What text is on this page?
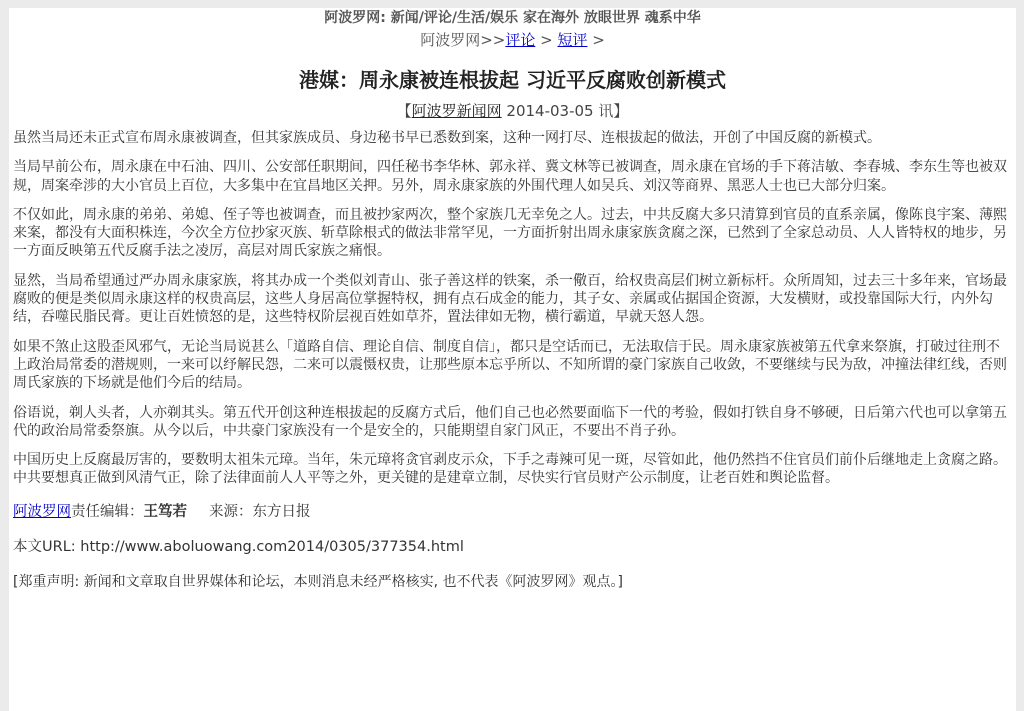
阿波罗网: 新闻/评论/生活/娱乐 家在海外 放眼世界 魂系中华
阿波罗网>>评论 > 短评 >
港媒：周永康被连根拔起 习近平反腐败创新模式
【阿波罗新闻网 2014-03-05 讯】

虽然当局还未正式宣布周永康被调查，但其家族成员、身边秘书早已悉数到案，这种一网打尽、连根拔起的做法，开创了中国反腐的新模式。

当局早前公布，周永康在中石油、四川、公安部任职期间，四任秘书李华林、郭永祥、冀文林等已被调查，周永康在官场的手下蒋洁敏、李春城、李东生等也被双规，周案牵涉的大小官员上百位，大多集中在宜昌地区关押。另外，周永康家族的外围代理人如吴兵、刘汉等商界、黑恶人士也已大部分归案。

不仅如此，周永康的弟弟、弟媳、侄子等也被调查，而且被抄家两次，整个家族几无幸免之人。过去，中共反腐大多只清算到官员的直系亲属，像陈良宇案、薄熙来案，都没有大面积株连，今次全方位抄家灭族、斩草除根式的做法非常罕见，一方面折射出周永康家族贪腐之深，已然到了全家总动员、人人皆特权的地步，另一方面反映第五代反腐手法之凌厉，高层对周氏家族之痛恨。

显然，当局希望通过严办周永康家族，将其办成一个类似刘青山、张子善这样的铁案，杀一儆百，给权贵高层们树立新标杆。众所周知，过去三十多年来，官场最腐败的便是类似周永康这样的权贵高层，这些人身居高位掌握特权，拥有点石成金的能力，其子女、亲属或佔据国企资源，大发横财，或投靠国际大行，内外勾结，吞噬民脂民膏。更让百姓愤怒的是，这些特权阶层视百姓如草芥，置法律如无物，横行霸道，早就天怒人怨。

如果不煞止这股歪风邪气，无论当局说甚么「道路自信、理论自信、制度自信」，都只是空话而已，无法取信于民。周永康家族被第五代拿来祭旗，打破过往刑不上政治局常委的潜规则，一来可以纾解民怨，二来可以震慑权贵，让那些原本忘乎所以、不知所谓的豪门家族自己收敛，不要继续与民为敌，冲撞法律红线，否则周氏家族的下场就是他们今后的结局。

俗语说，剃人头者，人亦剃其头。第五代开创这种连根拔起的反腐方式后，他们自己也必然要面临下一代的考验，假如打铁自身不够硬，日后第六代也可以拿第五代的政治局常委祭旗。从今以后，中共豪门家族没有一个是安全的，只能期望自家门风正，不要出不肖子孙。

中国历史上反腐最厉害的，要数明太祖朱元璋。当年，朱元璋将贪官剥皮示众，下手之毒辣可见一斑，尽管如此，他仍然挡不住官员们前仆后继地走上贪腐之路。中共要想真正做到风清气正，除了法律面前人人平等之外，更关键的是建章立制，尽快实行官员财产公示制度，让老百姓和舆论监督。

阿波罗网责任编辑：王笃若 来源：东方日报
本文URL: http://www.aboluowang.com2014/0305/377354.html
[郑重声明: 新闻和文章取自世界媒体和论坛，本则消息未经严格核实, 也不代表《阿波罗网》观点。]
